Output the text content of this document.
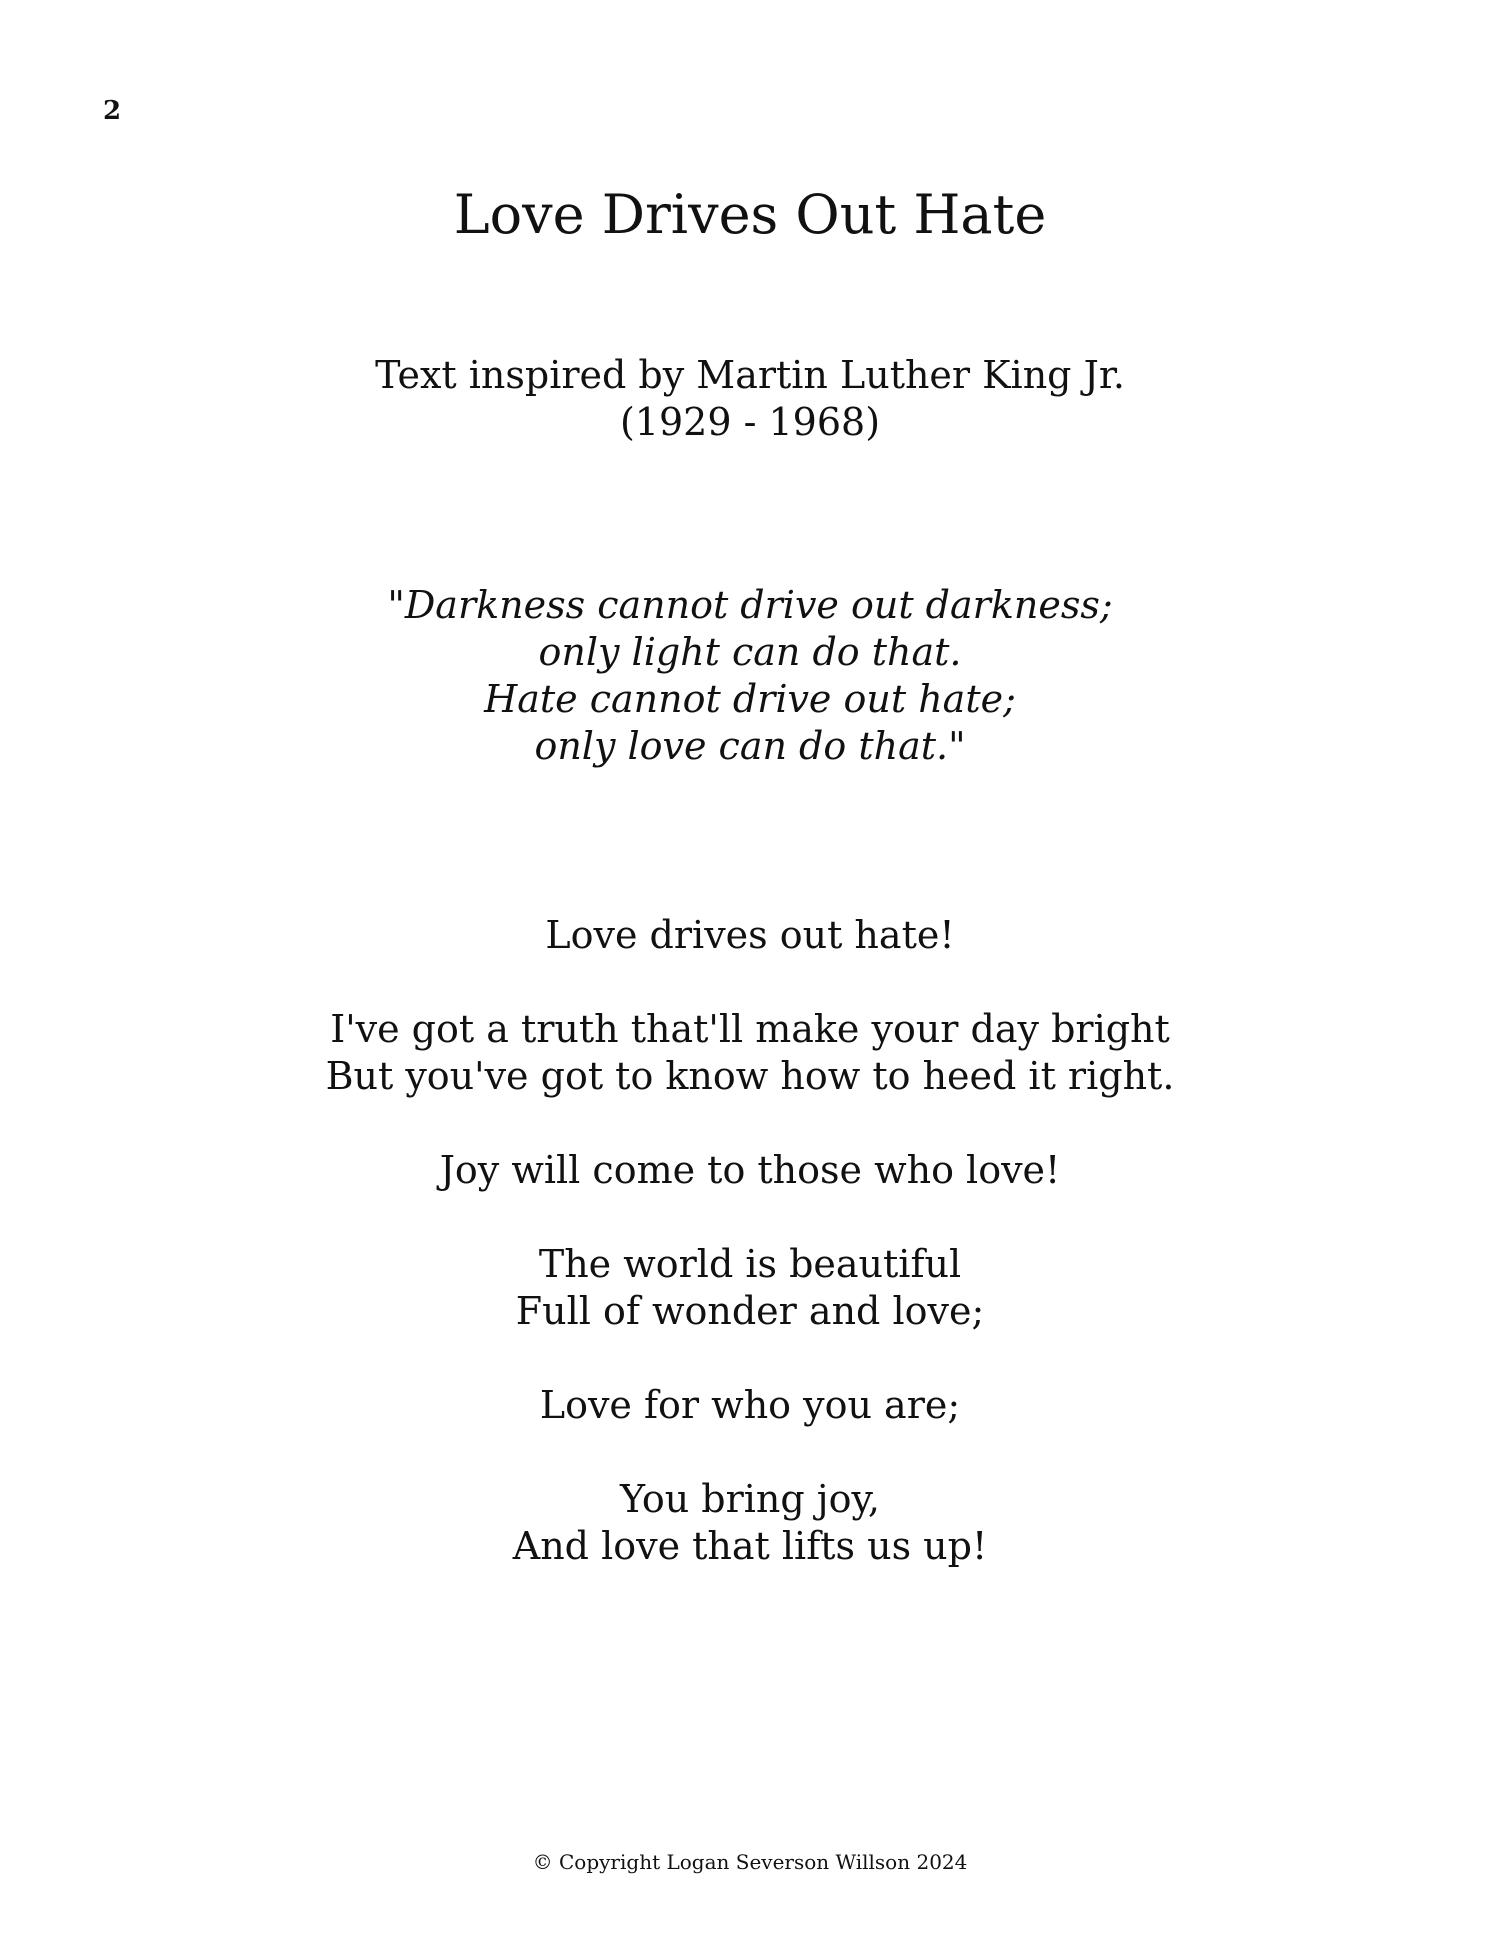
2
Love Drives Out Hate
Text inspired by Martin Luther King Jr.
(1929 - 1968)
"Darkness cannot drive out darkness;
only light can do that.
Hate cannot drive out hate;
only love can do that."
Love drives out hate!
I've got a truth that'll make your day bright
But you've got to know how to heed it right.
Joy will come to those who love!
The world is beautiful
Full of wonder and love;
Love for who you are;
You bring joy,
And love that lifts us up!
© Copyright Logan Severson Willson 2024
